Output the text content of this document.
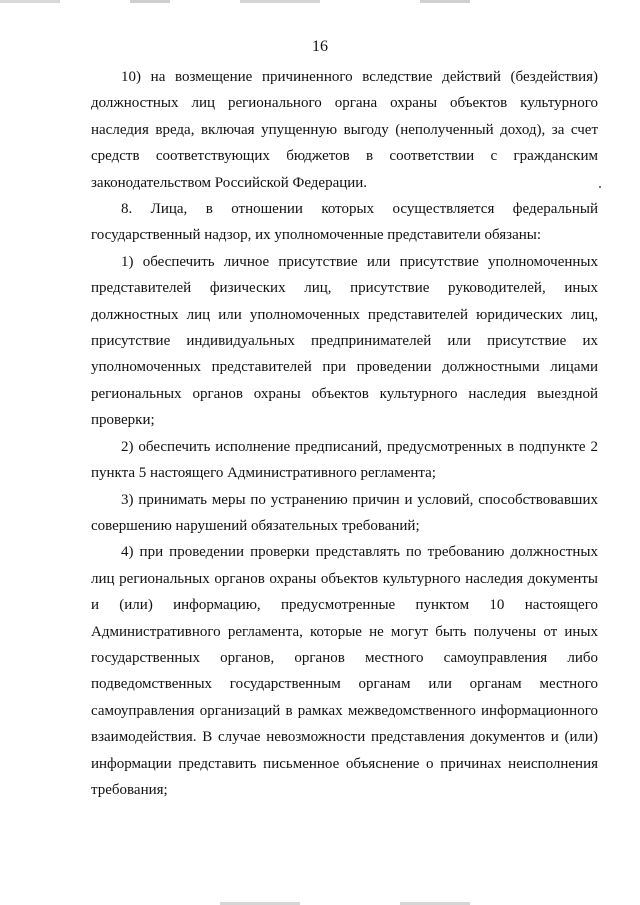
16

10) на возмещение причиненного вследствие действий (бездействия) должностных лиц регионального органа охраны объектов культурного наследия вреда, включая упущенную выгоду (неполученный доход), за счет средств соответствующих бюджетов в соответствии с гражданским законодательством Российской Федерации.

8. Лица, в отношении которых осуществляется федеральный государственный надзор, их уполномоченные представители обязаны:

1) обеспечить личное присутствие или присутствие уполномоченных представителей физических лиц, присутствие руководителей, иных должностных лиц или уполномоченных представителей юридических лиц, присутствие индивидуальных предпринимателей или присутствие их уполномоченных представителей при проведении должностными лицами региональных органов охраны объектов культурного наследия выездной проверки;

2) обеспечить исполнение предписаний, предусмотренных в подпункте 2 пункта 5 настоящего Административного регламента;

3) принимать меры по устранению причин и условий, способствовавших совершению нарушений обязательных требований;

4) при проведении проверки представлять по требованию должностных лиц региональных органов охраны объектов культурного наследия документы и (или) информацию, предусмотренные пунктом 10 настоящего Административного регламента, которые не могут быть получены от иных государственных органов, органов местного самоуправления либо подведомственных государственным органам или органам местного самоуправления организаций в рамках межведомственного информационного взаимодействия. В случае невозможности представления документов и (или) информации представить письменное объяснение о причинах неисполнения требования;
